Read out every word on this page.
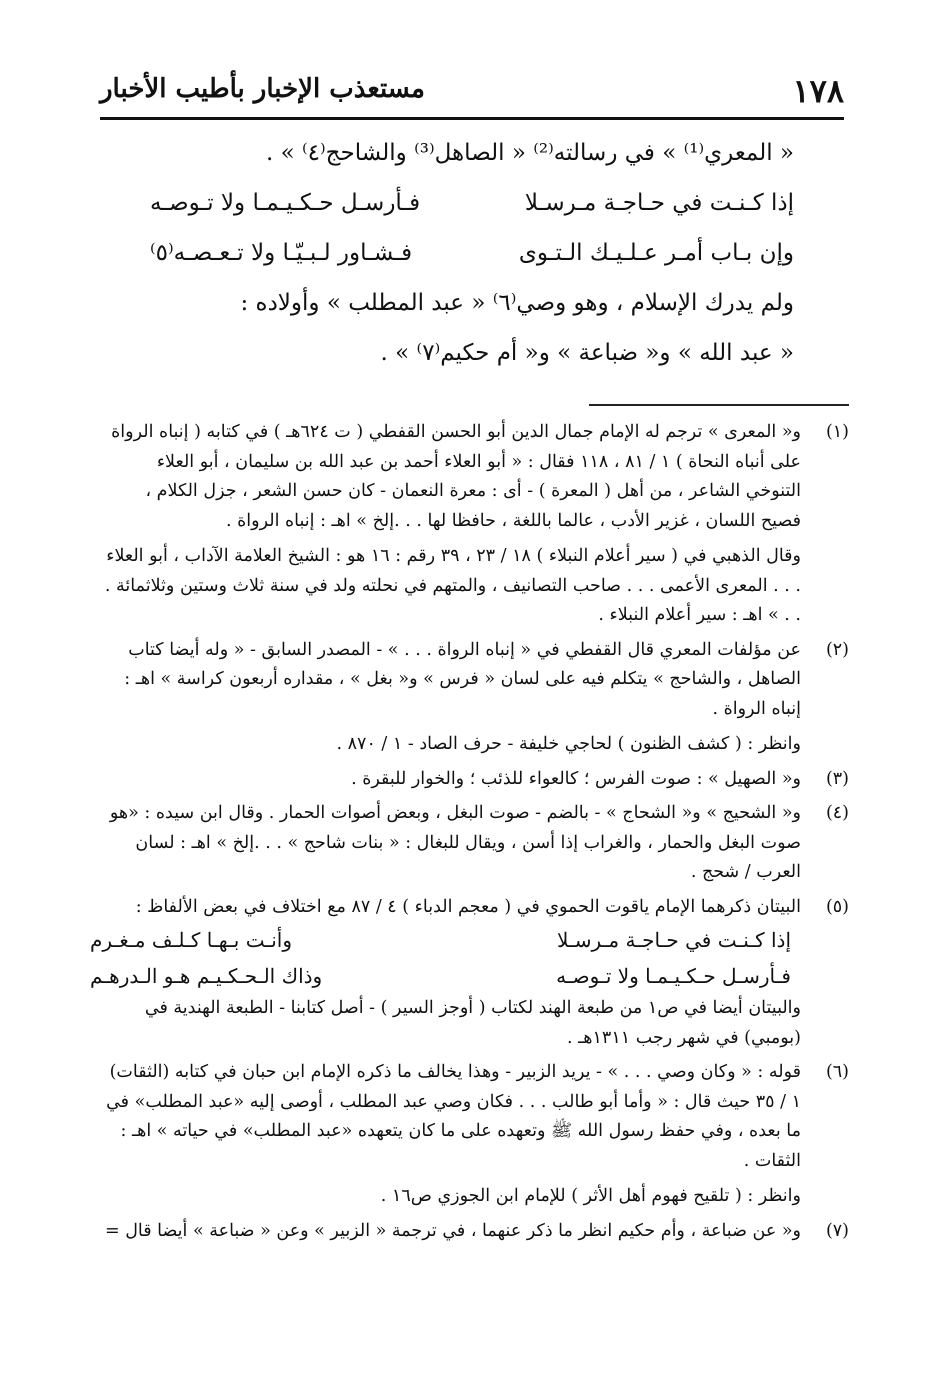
١٧٨
مستعذب الإخبار بأطيب الأخبار

« المعري⁽¹⁾ » في رسالته⁽²⁾ « الصاهل⁽³⁾ والشاحج⁽٤⁾ » .

إذا كـنـت في حـاجـة مـرسـلا
فـأرسـل حـكـيـمـا ولا تـوصـه
وإن بـاب أمـر عـلـيـك الـتـوى
فـشـاور لـبـيّـا ولا تـعـصـه⁽٥⁾

ولم يدرك الإسلام ، وهو وصي⁽٦⁾ « عبد المطلب » وأولاده :

« عبد الله » و« ضباعة » و« أم حكيم⁽٧⁾ » .

(١)

و« المعرى » ترجم له الإمام جمال الدين أبو الحسن القفطي ( ت ٦٢٤هـ ) في كتابه ( إنباه الرواة على أنباه النحاة ) ١ / ٨١ ، ١١٨ فقال : « أبو العلاء أحمد بن عبد الله بن سليمان ، أبو العلاء التنوخي الشاعر ، من أهل ( المعرة ) - أى : معرة النعمان - كان حسن الشعر ، جزل الكلام ، فصيح اللسان ، غزير الأدب ، عالما باللغة ، حافظا لها . . .إلخ » اهـ : إنباه الرواة .

وقال الذهبي في ( سير أعلام النبلاء ) ١٨ / ٢٣ ، ٣٩ رقم : ١٦ هو : الشيخ العلامة الآداب ، أبو العلاء . . . المعرى الأعمى . . . صاحب التصانيف ، والمتهم في نحلته ولد في سنة ثلاث وستين وثلاثمائة . . . » اهـ : سير أعلام النبلاء .

(٢)

عن مؤلفات المعري قال القفطي في « إنباه الرواة . . . » - المصدر السابق - « وله أيضا كتاب الصاهل ، والشاحج » يتكلم فيه على لسان « فرس » و« بغل » ، مقداره أربعون كراسة » اهـ : إنباه الرواة .

وانظر : ( كشف الظنون ) لحاجي خليفة - حرف الصاد - ١ / ٨٧٠ .

(٣)

و« الصهيل » : صوت الفرس ؛ كالعواء للذئب ؛ والخوار للبقرة .

(٤)

و« الشحيج » و« الشحاج » - بالضم - صوت البغل ، وبعض أصوات الحمار . وقال ابن سيده : «هو صوت البغل والحمار ، والغراب إذا أسن ، ويقال للبغال : « بنات شاحج » . . .إلخ » اهـ : لسان العرب / شحج .

(٥)

البيتان ذكرهما الإمام ياقوت الحموي في ( معجم الدباء ) ٤ / ٨٧ مع اختلاف في بعض الألفاظ :

إذا كـنـت في حـاجـة مـرسـلا
وأنـت بـهـا كـلـف مـغـرم
فـأرسـل حـكـيـمـا ولا تـوصـه
وذاك الـحـكـيـم هـو الـدرهـم

والبيتان أيضا في ص١ من طبعة الهند لكتاب ( أوجز السير ) - أصل كتابنا - الطبعة الهندية في (بومبي) في شهر رجب ١٣١١هـ .

(٦)

قوله : « وكان وصي . . . » - يريد الزبير - وهذا يخالف ما ذكره الإمام ابن حبان في كتابه (الثقات) ١ / ٣٥ حيث قال : « وأما أبو طالب . . . فكان وصي عبد المطلب ، أوصى إليه «عبد المطلب» في ما بعده ، وفي حفظ رسول الله ﷺ وتعهده على ما كان يتعهده «عبد المطلب» في حياته » اهـ : الثقات .

وانظر : ( تلقيح فهوم أهل الأثر ) للإمام ابن الجوزي ص١٦ .

(٧)

و« عن ضباعة ، وأم حكيم انظر ما ذكر عنهما ، في ترجمة « الزبير » وعن « ضباعة » أيضا قال =
